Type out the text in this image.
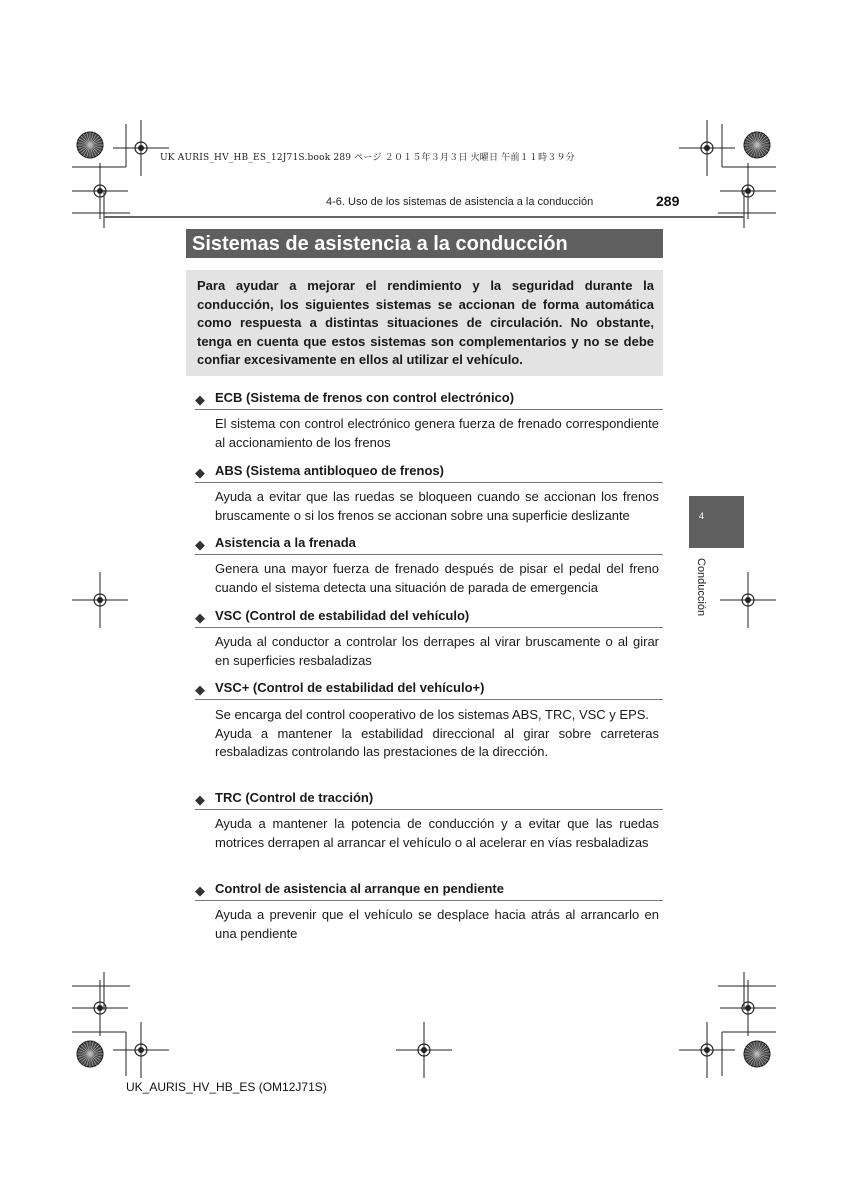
UK AURIS_HV_HB_ES_12J71S.book 289 ページ ２０１５年３月３日 火曜日 午前１１時３９分
4-6. Uso de los sistemas de asistencia a la conducción	289
Sistemas de asistencia a la conducción
Para ayudar a mejorar el rendimiento y la seguridad durante la conducción, los siguientes sistemas se accionan de forma automática como respuesta a distintas situaciones de circulación. No obstante, tenga en cuenta que estos sistemas son complementarios y no se debe confiar excesivamente en ellos al utilizar el vehículo.
◆ ECB (Sistema de frenos con control electrónico)

El sistema con control electrónico genera fuerza de frenado correspondiente al accionamiento de los frenos

◆ ABS (Sistema antibloqueo de frenos)

Ayuda a evitar que las ruedas se bloqueen cuando se accionan los frenos bruscamente o si los frenos se accionan sobre una superficie deslizante

◆ Asistencia a la frenada

Genera una mayor fuerza de frenado después de pisar el pedal del freno cuando el sistema detecta una situación de parada de emergencia

◆ VSC (Control de estabilidad del vehículo)

Ayuda al conductor a controlar los derrapes al virar bruscamente o al girar en superficies resbaladizas

◆ VSC+ (Control de estabilidad del vehículo+)

Se encarga del control cooperativo de los sistemas ABS, TRC, VSC y EPS.

Ayuda a mantener la estabilidad direccional al girar sobre carreteras resbaladizas controlando las prestaciones de la dirección.

◆ TRC (Control de tracción)

Ayuda a mantener la potencia de conducción y a evitar que las ruedas motrices derrapen al arrancar el vehículo o al acelerar en vías resbaladizas

◆ Control de asistencia al arranque en pendiente

Ayuda a prevenir que el vehículo se desplace hacia atrás al arrancarlo en una pendiente

4
Conducción
UK_AURIS_HV_HB_ES (OM12J71S)
